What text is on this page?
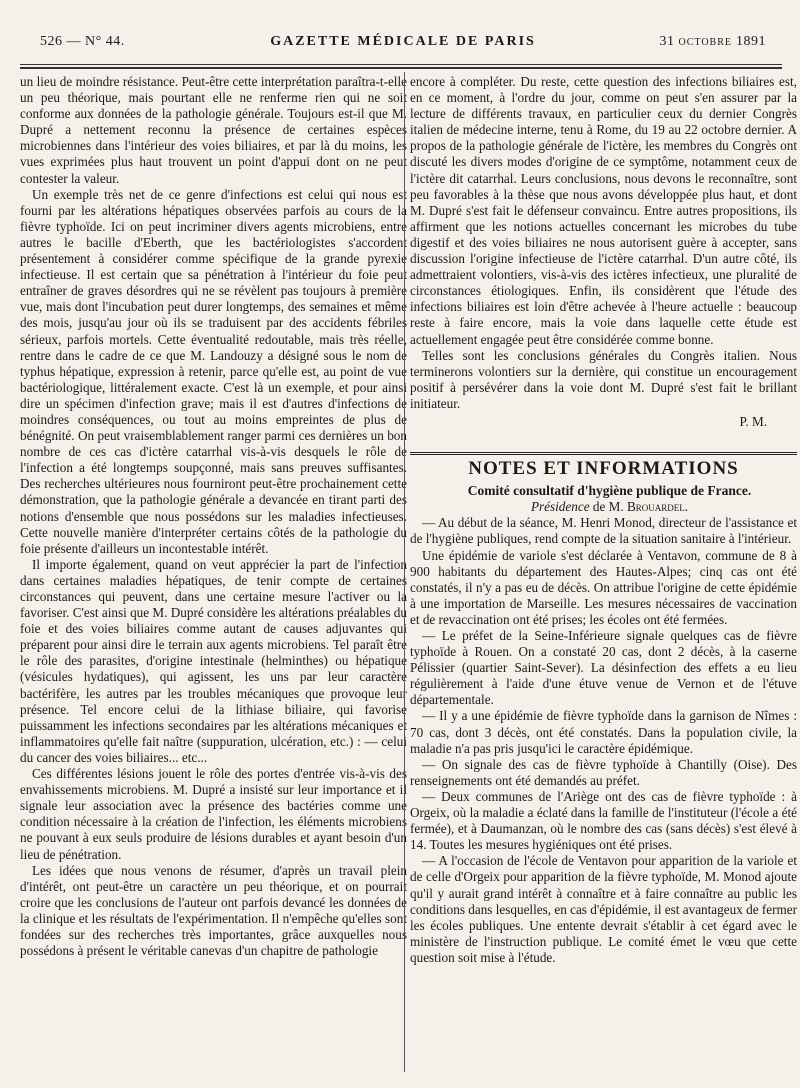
526 — N° 44.	GAZETTE MÉDICALE DE PARIS	31 OCTOBRE 1891

un lieu de moindre résistance. Peut-être cette interprétation paraîtra-t-elle un peu théorique, mais pourtant elle ne renferme rien qui ne soit conforme aux données de la pathologie générale. Toujours est-il que M. Dupré a nettement reconnu la présence de certaines espèces microbiennes dans l'intérieur des voies biliaires, et par là du moins, les vues exprimées plus haut trouvent un point d'appui dont on ne peut contester la valeur.

Un exemple très net de ce genre d'infections est celui qui nous est fourni par les altérations hépatiques observées parfois au cours de la fièvre typhoïde. Ici on peut incriminer divers agents microbiens, entre autres le bacille d'Eberth, que les bactériologistes s'accordent présentement à considérer comme spécifique de la grande pyrexie infectieuse. Il est certain que sa pénétration à l'intérieur du foie peut entraîner de graves désordres qui ne se révèlent pas toujours à première vue, mais dont l'incubation peut durer longtemps, des semaines et même des mois, jusqu'au jour où ils se traduisent par des accidents fébriles sérieux, parfois mortels. Cette éventualité redoutable, mais très réelle, rentre dans le cadre de ce que M. Landouzy a désigné sous le nom de typhus hépatique, expression à retenir, parce qu'elle est, au point de vue bactériologique, littéralement exacte. C'est là un exemple, et pour ainsi dire un spécimen d'infection grave; mais il est d'autres d'infections de moindres conséquences, ou tout au moins empreintes de plus de bénégnité. On peut vraisemblablement ranger parmi ces dernières un bon nombre de ces cas d'ictère catarrhal vis-à-vis desquels le rôle de l'infection a été longtemps soupçonné, mais sans preuves suffisantes. Des recherches ultérieures nous fourniront peut-être prochainement cette démonstration, que la pathologie générale a devancée en tirant parti des notions d'ensemble que nous possédons sur les maladies infectieuses. Cette nouvelle manière d'interpréter certains côtés de la pathologie du foie présente d'ailleurs un incontestable intérêt.

Il importe également, quand on veut apprécier la part de l'infection dans certaines maladies hépatiques, de tenir compte de certaines circonstances qui peuvent, dans une certaine mesure l'activer ou la favoriser. C'est ainsi que M. Dupré considère les altérations préalables du foie et des voies biliaires comme autant de causes adjuvantes qui préparent pour ainsi dire le terrain aux agents microbiens. Tel paraît être le rôle des parasites, d'origine intestinale (helminthes) ou hépatique (vésicules hydatiques), qui agissent, les uns par leur caractère bactérifère, les autres par les troubles mécaniques que provoque leur présence. Tel encore celui de la lithiase biliaire, qui favorise puissamment les infections secondaires par les altérations mécaniques et inflammatoires qu'elle fait naître (suppuration, ulcération, etc.) : — celui du cancer des voies biliaires... etc...

Ces différentes lésions jouent le rôle des portes d'entrée vis-à-vis des envahissements microbiens. M. Dupré a insisté sur leur importance et il signale leur association avec la présence des bactéries comme une condition nécessaire à la création de l'infection, les éléments microbiens ne pouvant à eux seuls produire de lésions durables et ayant besoin d'un lieu de pénétration.

Les idées que nous venons de résumer, d'après un travail plein d'intérêt, ont peut-être un caractère un peu théorique, et on pourrait croire que les conclusions de l'auteur ont parfois devancé les données de la clinique et les résultats de l'expérimentation. Il n'empêche qu'elles sont fondées sur des recherches très importantes, grâce auxquelles nous possédons à présent le véritable canevas d'un chapitre de pathologie

encore à compléter. Du reste, cette question des infections biliaires est, en ce moment, à l'ordre du jour, comme on peut s'en assurer par la lecture de différents travaux, en particulier ceux du dernier Congrès italien de médecine interne, tenu à Rome, du 19 au 22 octobre dernier. A propos de la pathologie générale de l'ictère, les membres du Congrès ont discuté les divers modes d'origine de ce symptôme, notamment ceux de l'ictère dit catarrhal. Leurs conclusions, nous devons le reconnaître, sont peu favorables à la thèse que nous avons développée plus haut, et dont M. Dupré s'est fait le défenseur convaincu. Entre autres propositions, ils affirment que les notions actuelles concernant les microbes du tube digestif et des voies biliaires ne nous autorisent guère à accepter, sans discussion l'origine infectieuse de l'ictère catarrhal. D'un autre côté, ils admettraient volontiers, vis-à-vis des ictères infectieux, une pluralité de circonstances étiologiques. Enfin, ils considèrent que l'étude des infections biliaires est loin d'être achevée à l'heure actuelle : beaucoup reste à faire encore, mais la voie dans laquelle cette étude est actuellement engagée peut être considérée comme bonne.

Telles sont les conclusions générales du Congrès italien. Nous terminerons volontiers sur la dernière, qui constitue un encouragement positif à persévérer dans la voie dont M. Dupré s'est fait le brillant initiateur.

P. M.
NOTES ET INFORMATIONS

Comité consultatif d'hygiène publique de France.

Présidence de M. Brouardel.

— Au début de la séance, M. Henri Monod, directeur de l'assistance et de l'hygiène publiques, rend compte de la situation sanitaire à l'intérieur.

Une épidémie de variole s'est déclarée à Ventavon, commune de 8 à 900 habitants du département des Hautes-Alpes; cinq cas ont été constatés, il n'y a pas eu de décès. On attribue l'origine de cette épidémie à une importation de Marseille. Les mesures nécessaires de vaccination et de revaccination ont été prises; les écoles ont été fermées.

— Le préfet de la Seine-Inférieure signale quelques cas de fièvre typhoïde à Rouen. On a constaté 20 cas, dont 2 décès, à la caserne Pélissier (quartier Saint-Sever). La désinfection des effets a eu lieu régulièrement à l'aide d'une étuve venue de Vernon et de l'étuve départementale.

— Il y a une épidémie de fièvre typhoïde dans la garnison de Nîmes : 70 cas, dont 3 décès, ont été constatés. Dans la population civile, la maladie n'a pas pris jusqu'ici le caractère épidémique.

— On signale des cas de fièvre typhoïde à Chantilly (Oise). Des renseignements ont été demandés au préfet.

— Deux communes de l'Ariège ont des cas de fièvre typhoïde : à Orgeix, où la maladie a éclaté dans la famille de l'instituteur (l'école a été fermée), et à Daumanzan, où le nombre des cas (sans décès) s'est élevé à 14. Toutes les mesures hygiéniques ont été prises.

— A l'occasion de l'école de Ventavon pour apparition de la variole et de celle d'Orgeix pour apparition de la fièvre typhoïde, M. Monod ajoute qu'il y aurait grand intérêt à connaître et à faire connaître au public les conditions dans lesquelles, en cas d'épidémie, il est avantageux de fermer les écoles publiques. Une entente devrait s'établir à cet égard avec le ministère de l'instruction publique. Le comité émet le vœu que cette question soit mise à l'étude.
